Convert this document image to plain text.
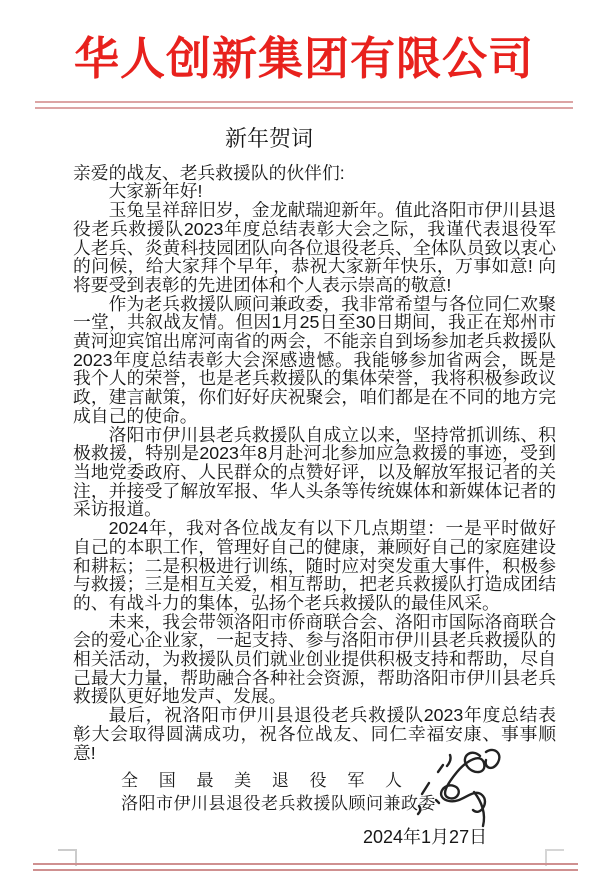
华人创新集团有限公司
新年贺词

亲爱的战友、老兵救援队的伙伴们:

大家新年好!

玉兔呈祥辞旧岁，金龙献瑞迎新年。值此洛阳市伊川县退役老兵救援队2023年度总结表彰大会之际，我谨代表退役军人老兵、炎黄科技园团队向各位退役老兵、全体队员致以衷心的问候，给大家拜个早年，恭祝大家新年快乐，万事如意! 向将要受到表彰的先进团体和个人表示崇高的敬意!

作为老兵救援队顾问兼政委，我非常希望与各位同仁欢聚一堂，共叙战友情。但因1月25日至30日期间，我正在郑州市黄河迎宾馆出席河南省的两会，不能亲自到场参加老兵救援队2023年度总结表彰大会深感遗憾。我能够参加省两会，既是我个人的荣誉，也是老兵救援队的集体荣誉，我将积极参政议政，建言献策，你们好好庆祝聚会，咱们都是在不同的地方完成自己的使命。

洛阳市伊川县老兵救援队自成立以来，坚持常抓训练、积极救援，特别是2023年8月赴河北参加应急救援的事迹，受到当地党委政府、人民群众的点赞好评，以及解放军报记者的关注，并接受了解放军报、华人头条等传统媒体和新媒体记者的采访报道。

2024年，我对各位战友有以下几点期望：一是平时做好自己的本职工作，管理好自己的健康，兼顾好自己的家庭建设和耕耘；二是积极进行训练，随时应对突发重大事件，积极参与救援；三是相互关爱，相互帮助，把老兵救援队打造成团结的、有战斗力的集体，弘扬个老兵救援队的最佳风采。

未来，我会带领洛阳市侨商联合会、洛阳市国际洛商联合会的爱心企业家，一起支持、参与洛阳市伊川县老兵救援队的相关活动，为救援队员们就业创业提供积极支持和帮助，尽自己最大力量，帮助融合各种社会资源，帮助洛阳市伊川县老兵救援队更好地发声、发展。

最后，祝洛阳市伊川县退役老兵救援队2023年度总结表彰大会取得圆满成功，祝各位战友、同仁幸福安康、事事顺意!

全 国 最 美 退 役 军 人
洛阳市伊川县退役老兵救援队顾问兼政委
2024年1月27日
